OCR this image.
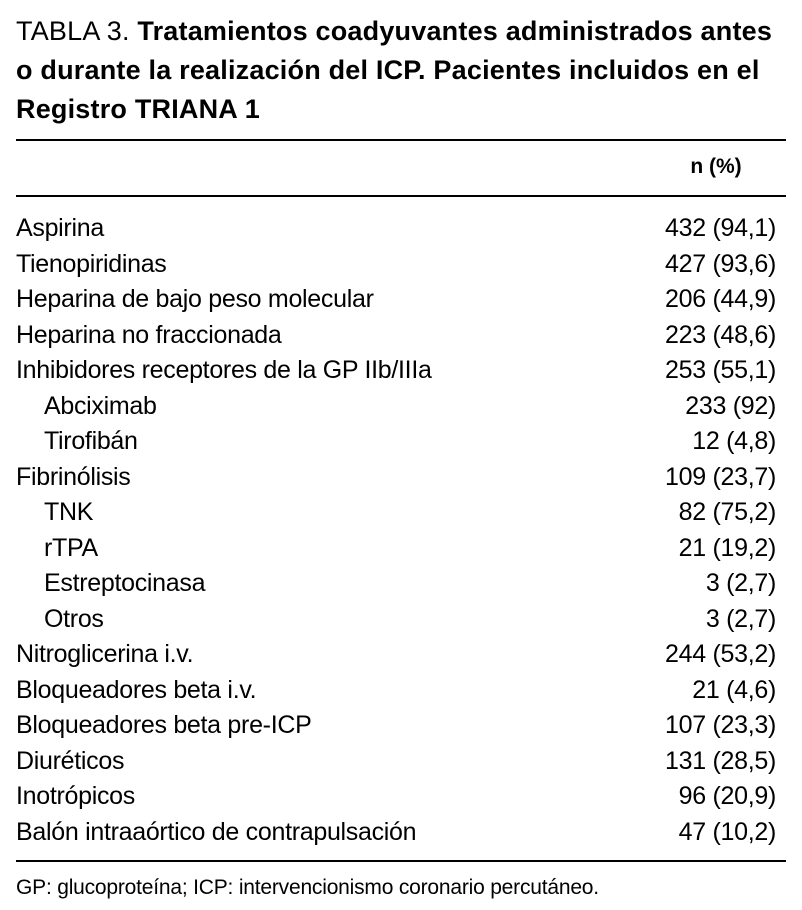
TABLA 3. Tratamientos coadyuvantes administrados antes o durante la realización del ICP. Pacientes incluidos en el Registro TRIANA 1
n (%)
Aspirina	432 (94,1)
Tienopiridinas	427 (93,6)
Heparina de bajo peso molecular	206 (44,9)
Heparina no fraccionada	223 (48,6)
Inhibidores receptores de la GP IIb/IIIa	253 (55,1)
Abciximab	233 (92)
Tirofibán	12 (4,8)
Fibrinólisis	109 (23,7)
TNK	82 (75,2)
rTPA	21 (19,2)
Estreptocinasa	3 (2,7)
Otros	3 (2,7)
Nitroglicerina i.v.	244 (53,2)
Bloqueadores beta i.v.	21 (4,6)
Bloqueadores beta pre-ICP	107 (23,3)
Diuréticos	131 (28,5)
Inotrópicos	96 (20,9)
Balón intraaórtico de contrapulsación	47 (10,2)
GP: glucoproteína; ICP: intervencionismo coronario percutáneo.
